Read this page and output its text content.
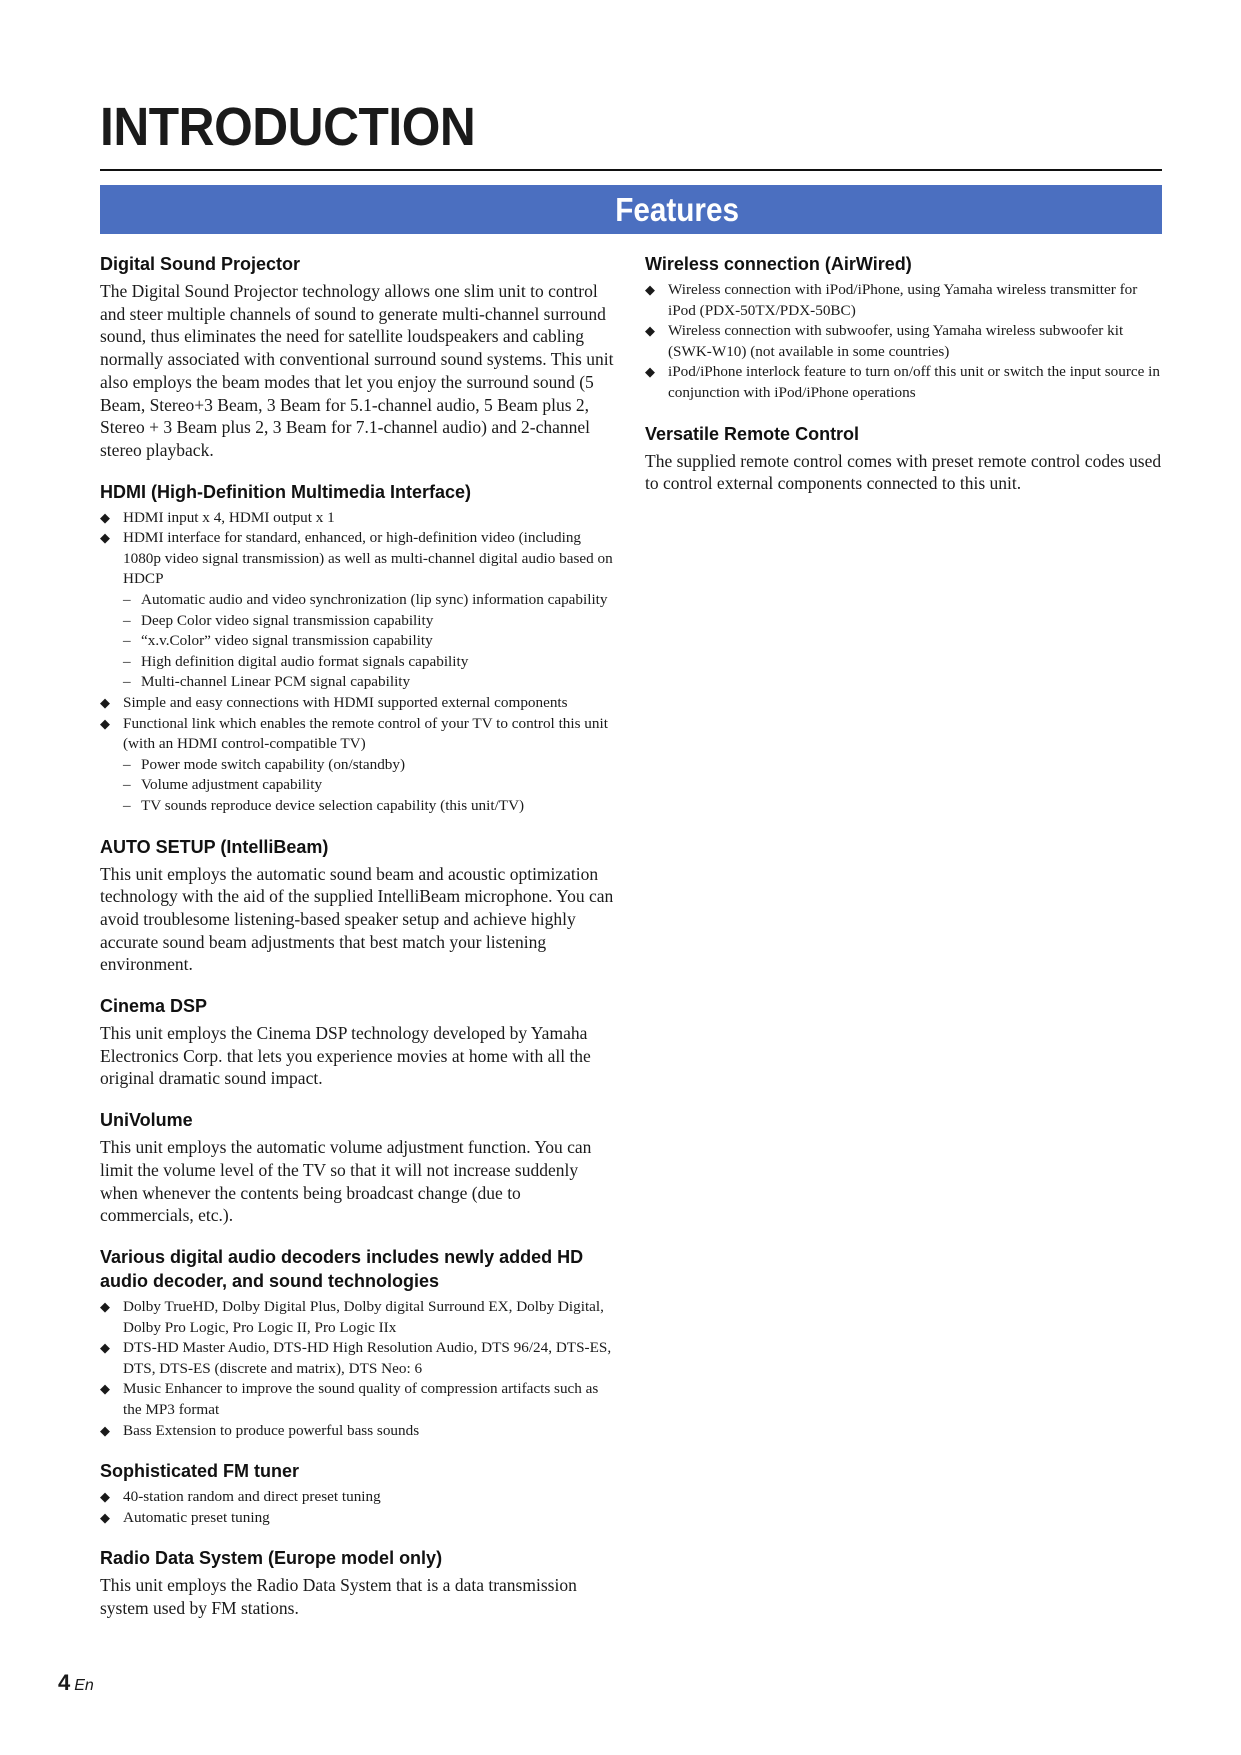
INTRODUCTION
Features
Digital Sound Projector

The Digital Sound Projector technology allows one slim unit to control and steer multiple channels of sound to generate multi-channel surround sound, thus eliminates the need for satellite loudspeakers and cabling normally associated with conventional surround sound systems. This unit also employs the beam modes that let you enjoy the surround sound (5 Beam, Stereo+3 Beam, 3 Beam for 5.1-channel audio, 5 Beam plus 2, Stereo + 3 Beam plus 2, 3 Beam for 7.1-channel audio) and 2-channel stereo playback.

HDMI (High-Definition Multimedia Interface)
◆ HDMI input x 4, HDMI output x 1
◆ HDMI interface for standard, enhanced, or high-definition video (including 1080p video signal transmission) as well as multi-channel digital audio based on HDCP
– Automatic audio and video synchronization (lip sync) information capability
– Deep Color video signal transmission capability
– “x.v.Color” video signal transmission capability
– High definition digital audio format signals capability
– Multi-channel Linear PCM signal capability
◆ Simple and easy connections with HDMI supported external components
◆ Functional link which enables the remote control of your TV to control this unit (with an HDMI control-compatible TV)
– Power mode switch capability (on/standby)
– Volume adjustment capability
– TV sounds reproduce device selection capability (this unit/TV)
AUTO SETUP (IntelliBeam)

This unit employs the automatic sound beam and acoustic optimization technology with the aid of the supplied IntelliBeam microphone. You can avoid troublesome listening-based speaker setup and achieve highly accurate sound beam adjustments that best match your listening environment.

Cinema DSP

This unit employs the Cinema DSP technology developed by Yamaha Electronics Corp. that lets you experience movies at home with all the original dramatic sound impact.

UniVolume

This unit employs the automatic volume adjustment function. You can limit the volume level of the TV so that it will not increase suddenly when whenever the contents being broadcast change (due to commercials, etc.).

Various digital audio decoders includes newly added HD audio decoder, and sound technologies
◆ Dolby TrueHD, Dolby Digital Plus, Dolby digital Surround EX, Dolby Digital, Dolby Pro Logic, Pro Logic II, Pro Logic IIx
◆ DTS-HD Master Audio, DTS-HD High Resolution Audio, DTS 96/24, DTS-ES, DTS, DTS-ES (discrete and matrix), DTS Neo: 6
◆ Music Enhancer to improve the sound quality of compression artifacts such as the MP3 format
◆ Bass Extension to produce powerful bass sounds
Sophisticated FM tuner
◆ 40-station random and direct preset tuning
◆ Automatic preset tuning
Radio Data System (Europe model only)

This unit employs the Radio Data System that is a data transmission system used by FM stations.

Wireless connection (AirWired)
◆ Wireless connection with iPod/iPhone, using Yamaha wireless transmitter for iPod (PDX-50TX/PDX-50BC)
◆ Wireless connection with subwoofer, using Yamaha wireless subwoofer kit (SWK-W10) (not available in some countries)
◆ iPod/iPhone interlock feature to turn on/off this unit or switch the input source in conjunction with iPod/iPhone operations
Versatile Remote Control

The supplied remote control comes with preset remote control codes used to control external components connected to this unit.

4 En
